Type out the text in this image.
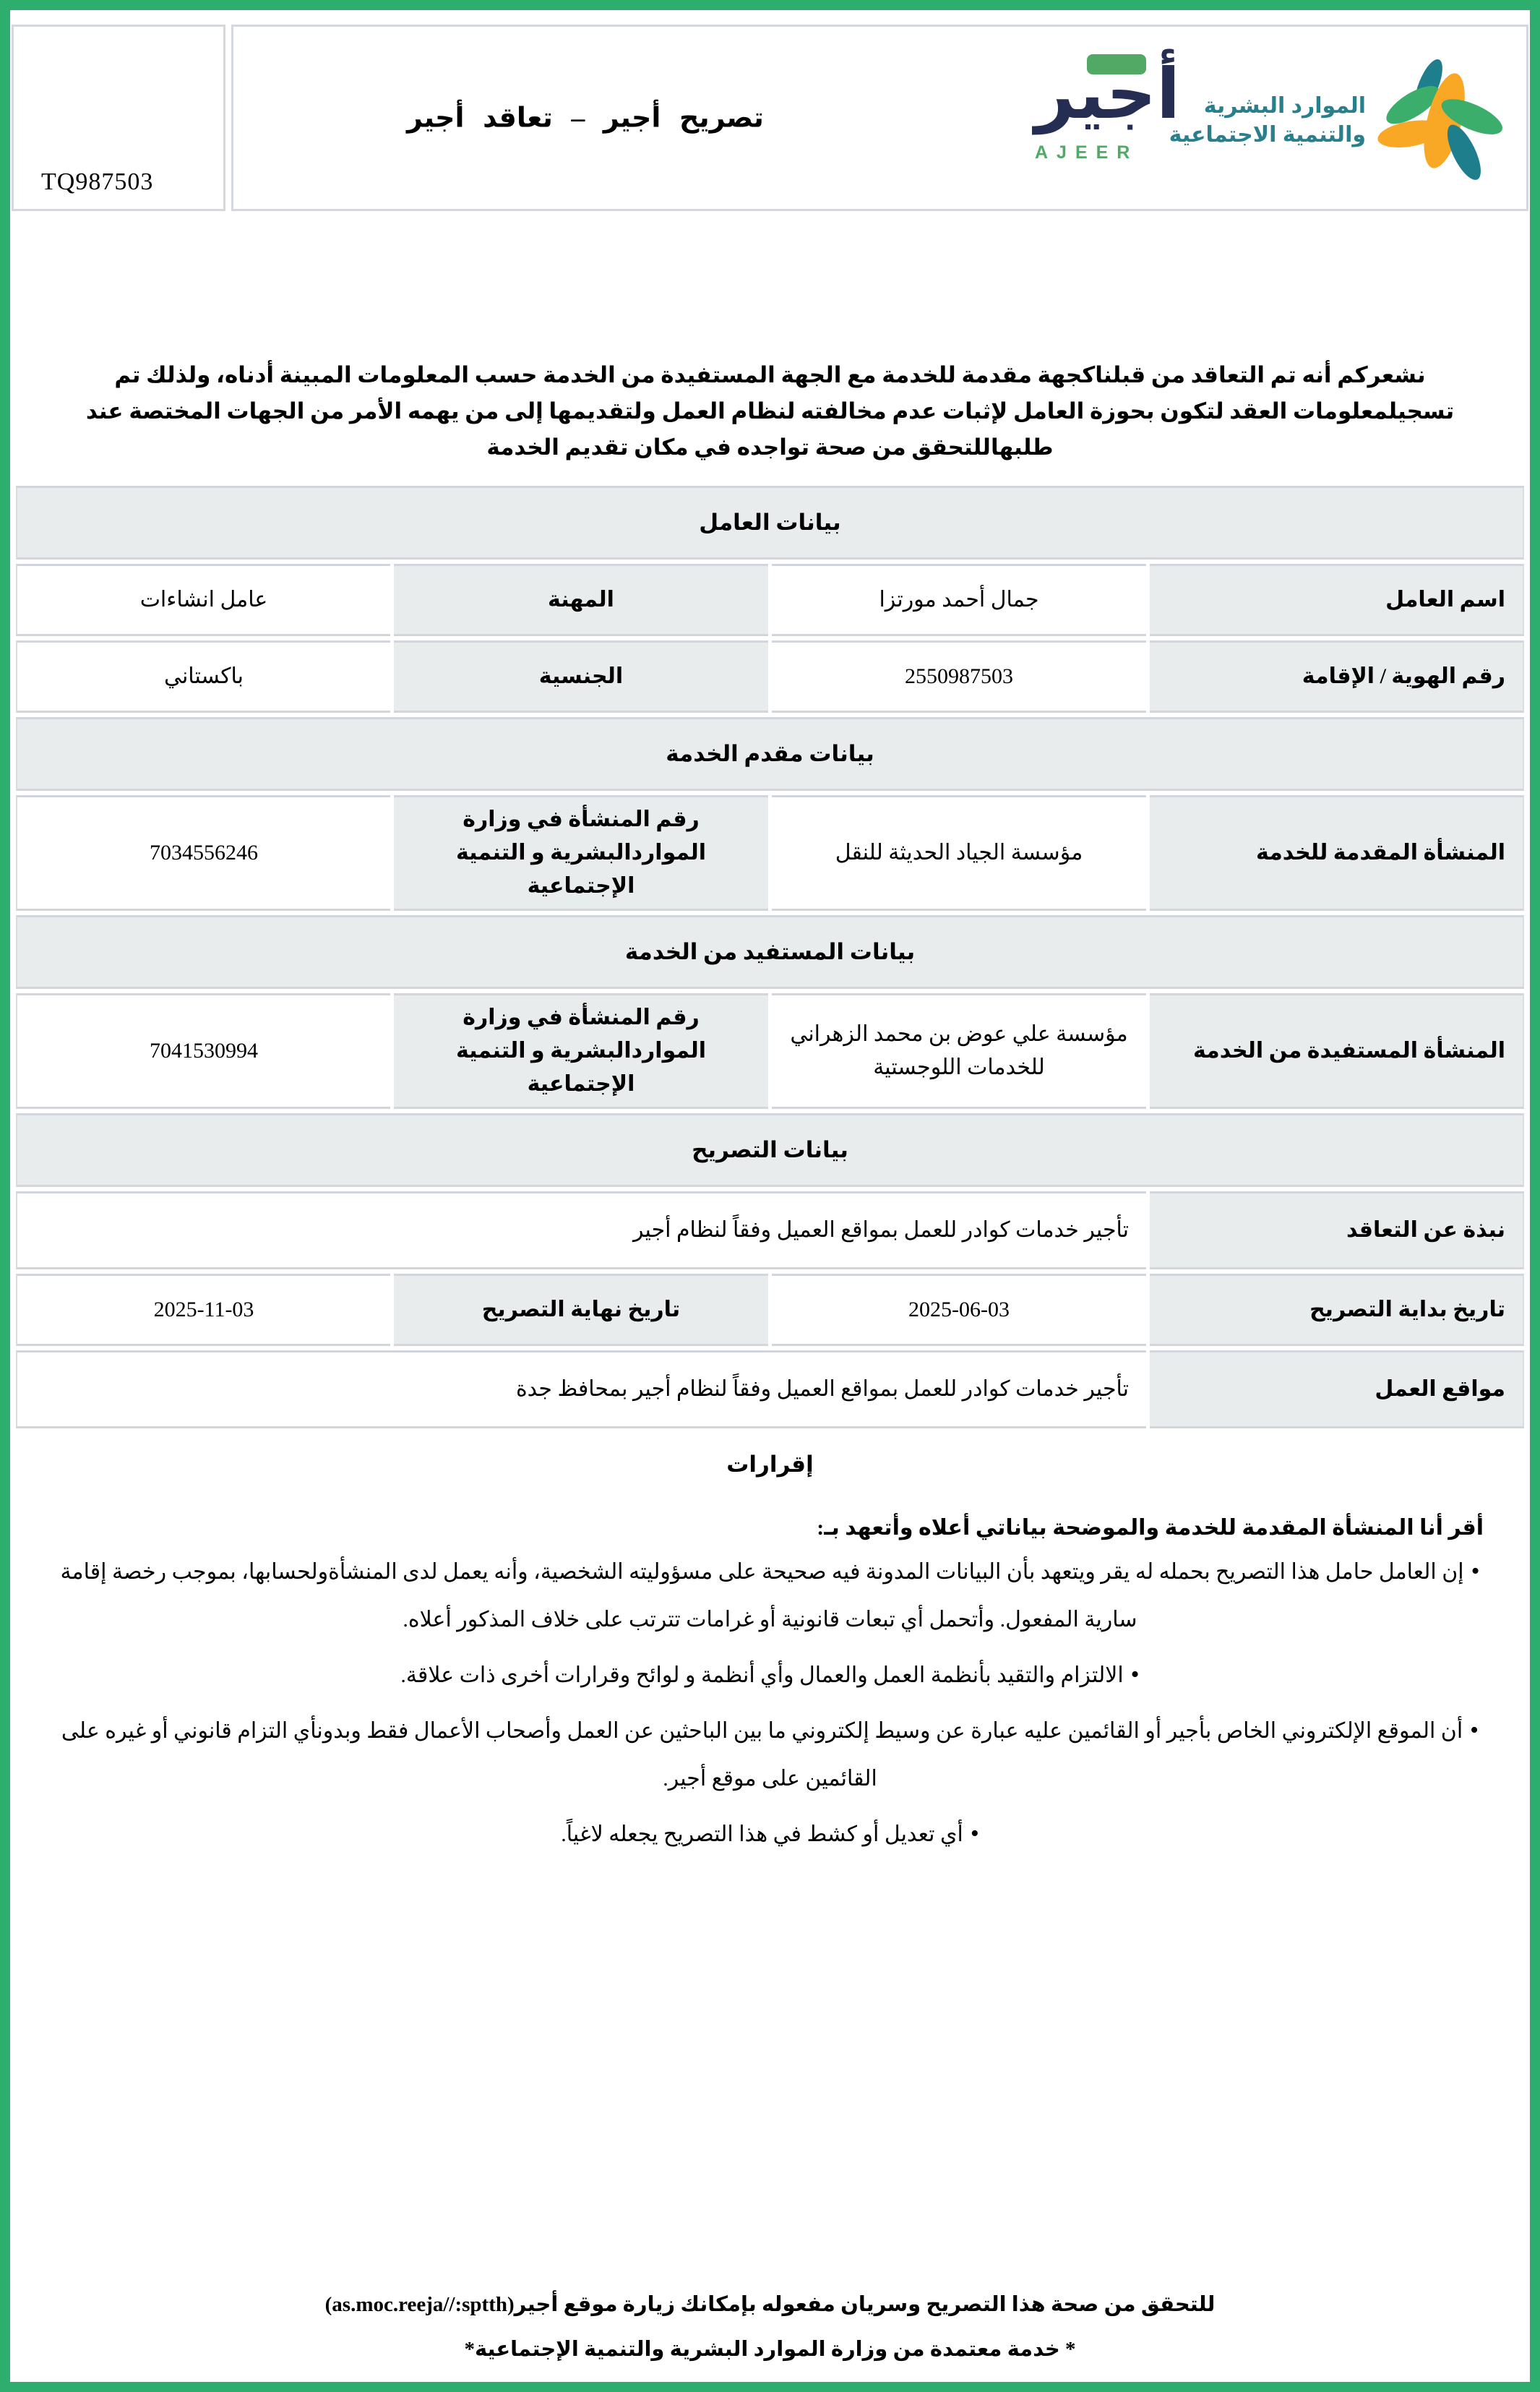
TQ987503
تصريح أجير – تعاقد أجير	أجير
AJEER
الموارد البشرية
والتنمية الاجتماعية

نشعركم أنه تم التعاقد من قبلناكجهة مقدمة للخدمة مع الجهة المستفيدة من الخدمة حسب المعلومات المبينة أدناه، ولذلك تم تسجيلمعلومات العقد لتكون بحوزة العامل لإثبات عدم مخالفته لنظام العمل ولتقديمها إلى من يهمه الأمر من الجهات المختصة عند طلبهاللتحقق من صحة تواجده في مكان تقديم الخدمة

بيانات العامل			
اسم العامل	جمال أحمد مورتزا	المهنة	عامل انشاءات
رقم الهوية / الإقامة	2550987503	الجنسية	باكستاني
بيانات مقدم الخدمة			
المنشأة المقدمة للخدمة	مؤسسة الجياد الحديثة للنقل	رقم المنشأة في وزارة المواردالبشرية و التنمية الإجتماعية	7034556246
بيانات المستفيد من الخدمة			
المنشأة المستفيدة من الخدمة	مؤسسة علي عوض بن محمد الزهراني للخدمات اللوجستية	رقم المنشأة في وزارة المواردالبشرية و التنمية الإجتماعية	7041530994
بيانات التصريح			
نبذة عن التعاقد	تأجير خدمات كوادر للعمل بمواقع العميل وفقاً لنظام أجير		
تاريخ بداية التصريح	2025-06-03	تاريخ نهاية التصريح	2025-11-03
مواقع العمل	تأجير خدمات كوادر للعمل بمواقع العميل وفقاً لنظام أجير بمحافظ جدة		
إقرارات

أقر أنا المنشأة المقدمة للخدمة والموضحة بياناتي أعلاه وأتعهد بـ:

•إن العامل حامل هذا التصريح بحمله له يقر ويتعهد بأن البيانات المدونة فيه صحيحة على مسؤوليته الشخصية، وأنه يعمل لدى المنشأةولحسابها، بموجب رخصة إقامة سارية المفعول. وأتحمل أي تبعات قانونية أو غرامات تترتب على خلاف المذكور أعلاه.

•الالتزام والتقيد بأنظمة العمل والعمال وأي أنظمة و لوائح وقرارات أخرى ذات علاقة.

•أن الموقع الإلكتروني الخاص بأجير أو القائمين عليه عبارة عن وسيط إلكتروني ما بين الباحثين عن العمل وأصحاب الأعمال فقط وبدونأي التزام قانوني أو غيره على القائمين على موقع أجير.

•أي تعديل أو كشط في هذا التصريح يجعله لاغياً.

للتحقق من صحة هذا التصريح وسريان مفعوله بإمكانك زيارة موقع أجير(as.moc.reeja//:sptth)

* خدمة معتمدة من وزارة الموارد البشرية والتنمية الإجتماعية*
